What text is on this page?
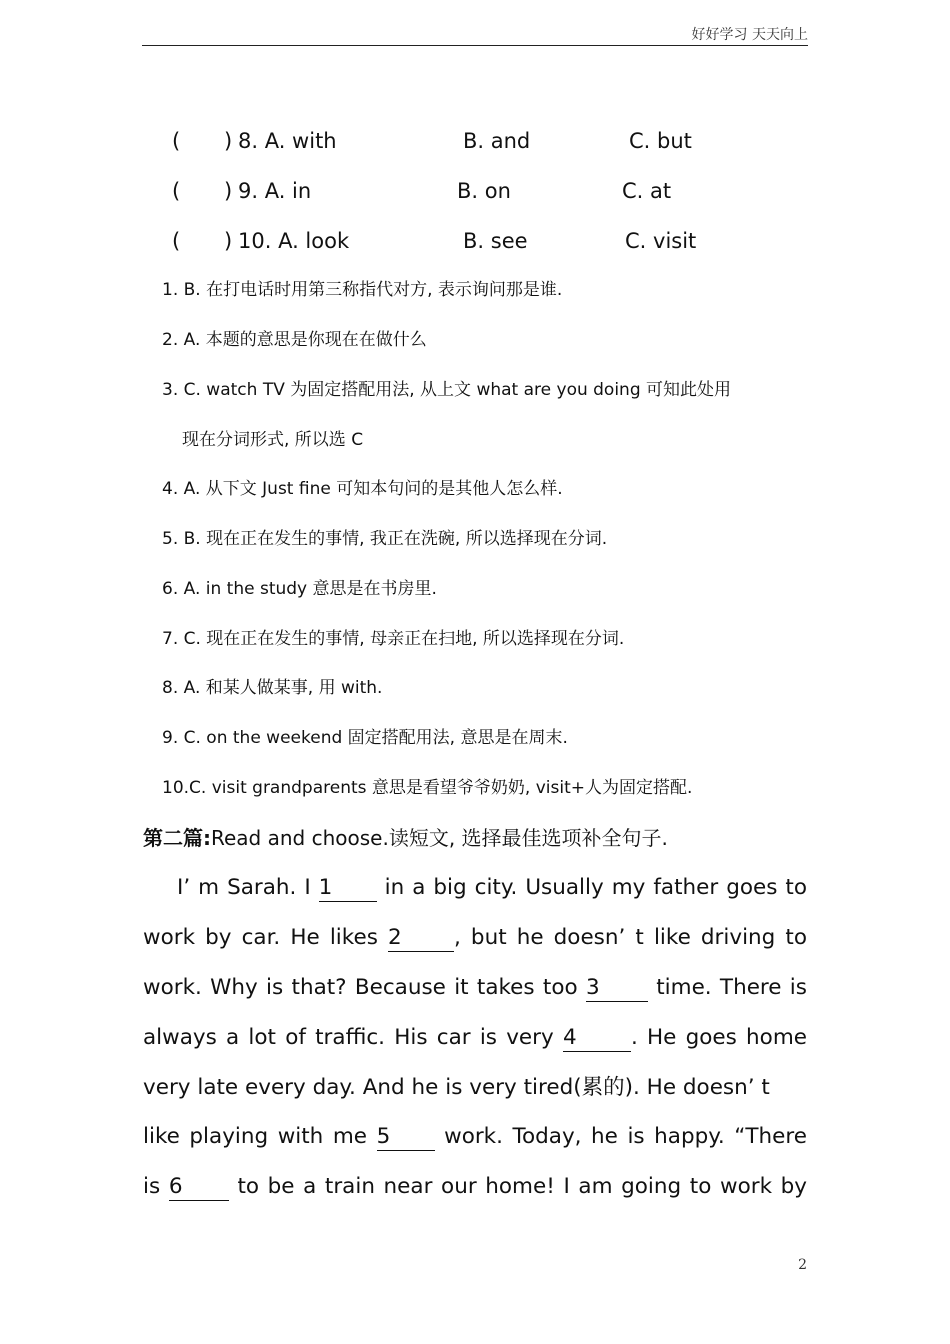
好好学习 天天向上
( ) 8. A. with	B. and	C. but
( ) 9. A. in	B. on	C. at
( ) 10. A. look	B. see	C. visit
1. B. 在打电话时用第三称指代对方, 表示询问那是谁.
2. A. 本题的意思是你现在在做什么
3. C. watch TV 为固定搭配用法, 从上文 what are you doing 可知此处用
现在分词形式, 所以选 C
4. A. 从下文 Just fine 可知本句问的是其他人怎么样.
5. B. 现在正在发生的事情, 我正在洗碗, 所以选择现在分词.
6. A. in the study 意思是在书房里.
7. C. 现在正在发生的事情, 母亲正在扫地, 所以选择现在分词.
8. A. 和某人做某事, 用 with.
9. C. on the weekend 固定搭配用法, 意思是在周末.
10.C. visit grandparents 意思是看望爷爷奶奶, visit+人为固定搭配.
第二篇:Read and choose.读短文, 选择最佳选项补全句子.
I’ m Sarah. I 1 in a big city. Usually my father goes to
work by car. He likes 2 , but he doesn’ t like driving to
work. Why is that? Because it takes too 3	time. There is
always a lot of traffic. His car is very 4	. He goes home
very late every day. And he is very tired(累的). He doesn’ t
like playing with me 5	work. Today, he is happy. “There
is 6	to be a train near our home! I am going to work by
2
